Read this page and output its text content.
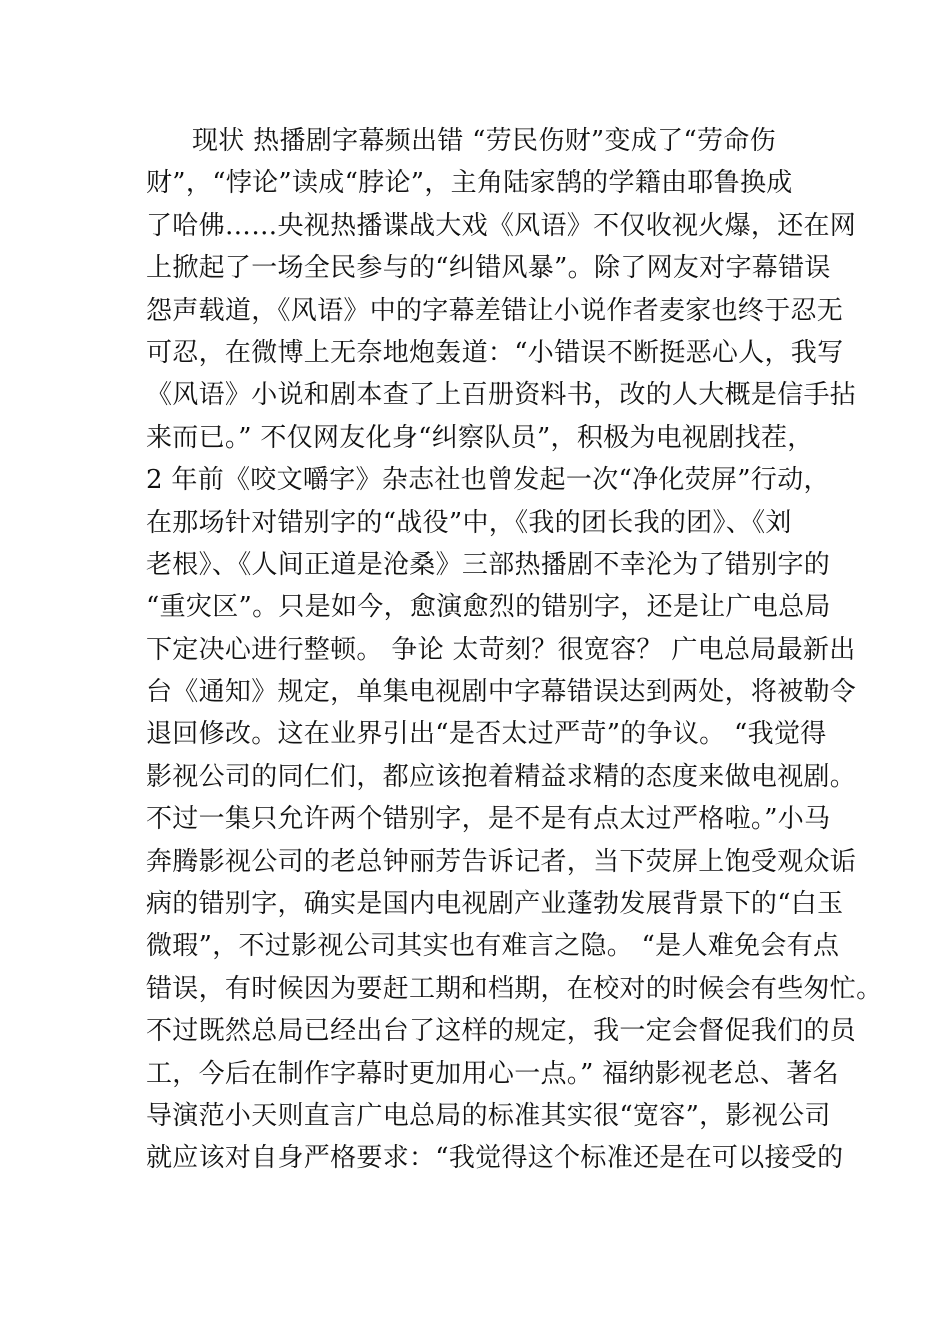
现状 热播剧字幕频出错 “劳民伤财”变成了“劳命伤
财”，“悖论”读成“脖论”，主角陆家鹄的学籍由耶鲁换成
了哈佛……央视热播谍战大戏《风语》不仅收视火爆，还在网
上掀起了一场全民参与的“纠错风暴”。除了网友对字幕错误
怨声载道，《风语》中的字幕差错让小说作者麦家也终于忍无
可忍，在微博上无奈地炮轰道：“小错误不断挺恶心人，我写
《风语》小说和剧本查了上百册资料书，改的人大概是信手拈
来而已。” 不仅网友化身“纠察队员”，积极为电视剧找茬，
2 年前《咬文嚼字》杂志社也曾发起一次“净化荧屏”行动，
在那场针对错别字的“战役”中，《我的团长我的团》、《刘
老根》、《人间正道是沧桑》三部热播剧不幸沦为了错别字的
“重灾区”。只是如今，愈演愈烈的错别字，还是让广电总局
下定决心进行整顿。 争论 太苛刻？很宽容？ 广电总局最新出
台《通知》规定，单集电视剧中字幕错误达到两处，将被勒令
退回修改。这在业界引出“是否太过严苛”的争议。 “我觉得
影视公司的同仁们，都应该抱着精益求精的态度来做电视剧。
不过一集只允许两个错别字，是不是有点太过严格啦。”小马
奔腾影视公司的老总钟丽芳告诉记者，当下荧屏上饱受观众诟
病的错别字，确实是国内电视剧产业蓬勃发展背景下的“白玉
微瑕”，不过影视公司其实也有难言之隐。 “是人难免会有点
错误，有时候因为要赶工期和档期，在校对的时候会有些匆忙。
不过既然总局已经出台了这样的规定，我一定会督促我们的员
工，今后在制作字幕时更加用心一点。” 福纳影视老总、著名
导演范小天则直言广电总局的标准其实很“宽容”，影视公司
就应该对自身严格要求：“我觉得这个标准还是在可以接受的
